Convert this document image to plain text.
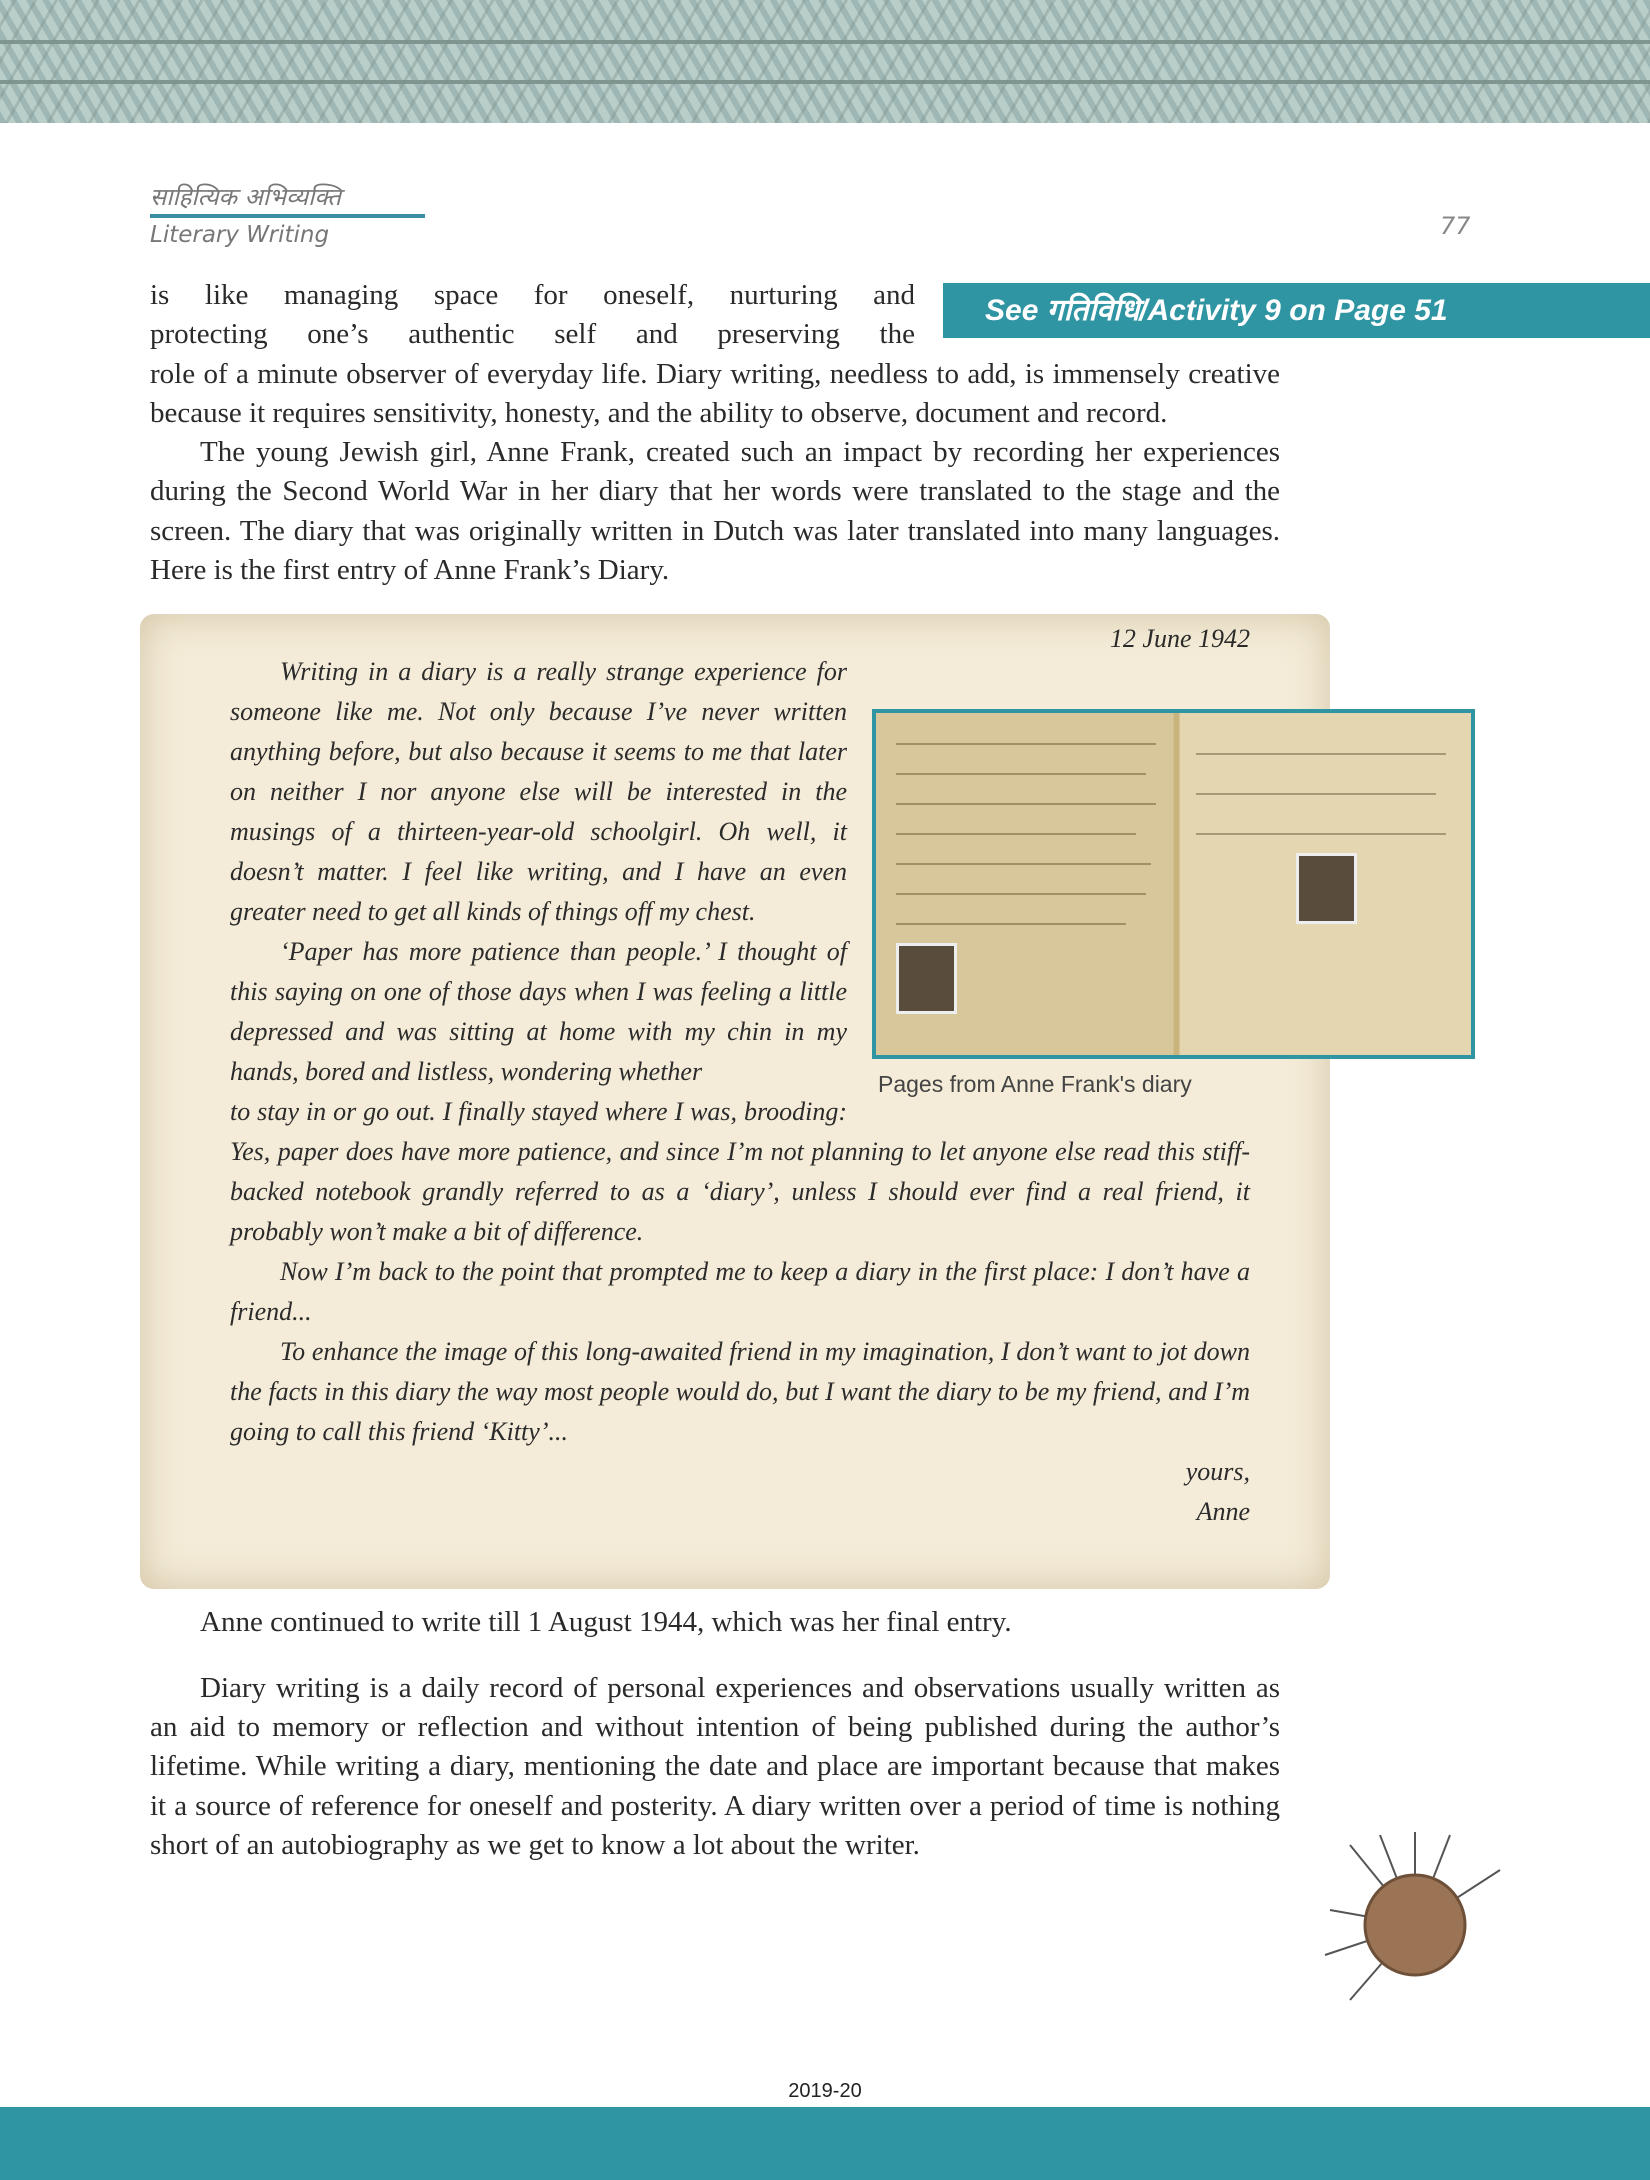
साहित्यिक अभिव्यक्ति
Literary Writing	77
See गतिविधि/Activity 9 on Page 51
is like managing space for oneself, nurturing and
protecting one’s authentic self and preserving the

role of a minute observer of everyday life. Diary writing, needless to add, is immensely creative because it requires sensitivity, honesty, and the ability to observe, document and record.

The young Jewish girl, Anne Frank, created such an impact by recording her experiences during the Second World War in her diary that her words were translated to the stage and the screen. The diary that was originally written in Dutch was later translated into many languages. Here is the first entry of Anne Frank’s Diary.

12 June 1942
Pages from Anne Frank's diary

Writing in a diary is a really strange experience for someone like me. Not only because I’ve never written anything before, but also because it seems to me that later on neither I nor anyone else will be interested in the musings of a thirteen-year-old schoolgirl. Oh well, it doesn’t matter. I feel like writing, and I have an even greater need to get all kinds of things off my chest.

‘Paper has more patience than people.’ I thought of this saying on one of those days when I was feeling a little depressed and was sitting at home with my chin in my hands, bored and listless, wondering whether

to stay in or go out. I finally stayed where I was, brooding: Yes, paper does have more patience, and since I’m not planning to let anyone else read this stiff-backed notebook grandly referred to as a ‘diary’, unless I should ever find a real friend, it probably won’t make a bit of difference.

Now I’m back to the point that prompted me to keep a diary in the first place: I don’t have a friend...

To enhance the image of this long-awaited friend in my imagination, I don’t want to jot down the facts in this diary the way most people would do, but I want the diary to be my friend, and I’m going to call this friend ‘Kitty’...

yours,

Anne

Anne continued to write till 1 August 1944, which was her final entry.

Diary writing is a daily record of personal experiences and observations usually written as an aid to memory or reflection and without intention of being published during the author’s lifetime. While writing a diary, mentioning the date and place are important because that makes it a source of reference for oneself and posterity. A diary written over a period of time is nothing short of an autobiography as we get to know a lot about the writer.

2019-20
